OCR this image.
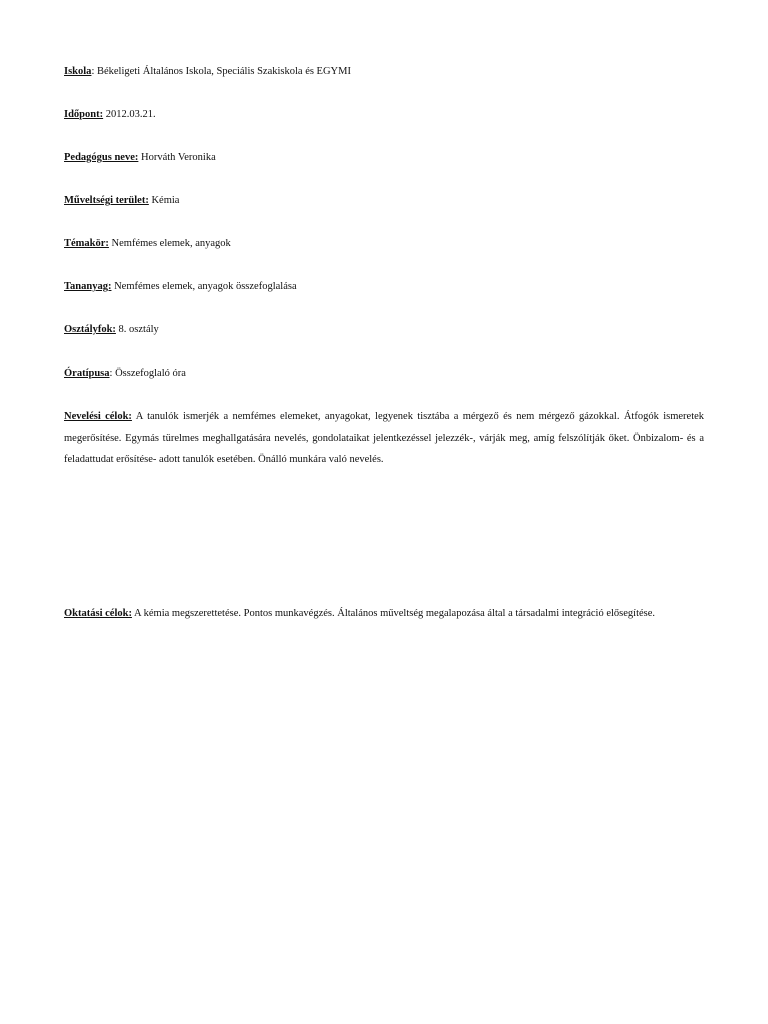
Iskola: Békeligeti Általános Iskola, Speciális Szakiskola és EGYMI
Időpont: 2012.03.21.
Pedagógus neve: Horváth Veronika
Műveltségi terület: Kémia
Témakör: Nemfémes elemek, anyagok
Tananyag: Nemfémes elemek, anyagok összefoglalása
Osztályfok: 8. osztály
Óratípusa: Összefoglaló óra
Nevelési célok: A tanulók ismerjék a nemfémes elemeket, anyagokat, legyenek tisztába a mérgező és nem mérgező gázokkal. Átfogók ismeretek megerősítése. Egymás türelmes meghallgatására nevelés, gondolataikat jelentkezéssel jelezzék-, várják meg, amíg felszólítják őket. Önbizalom- és a feladattudat erősítése- adott tanulók esetében. Önálló munkára való nevelés.
Oktatási célok: A kémia megszerettetése. Pontos munkavégzés. Általános műveltség megalapozása által a társadalmi integráció elősegítése.
